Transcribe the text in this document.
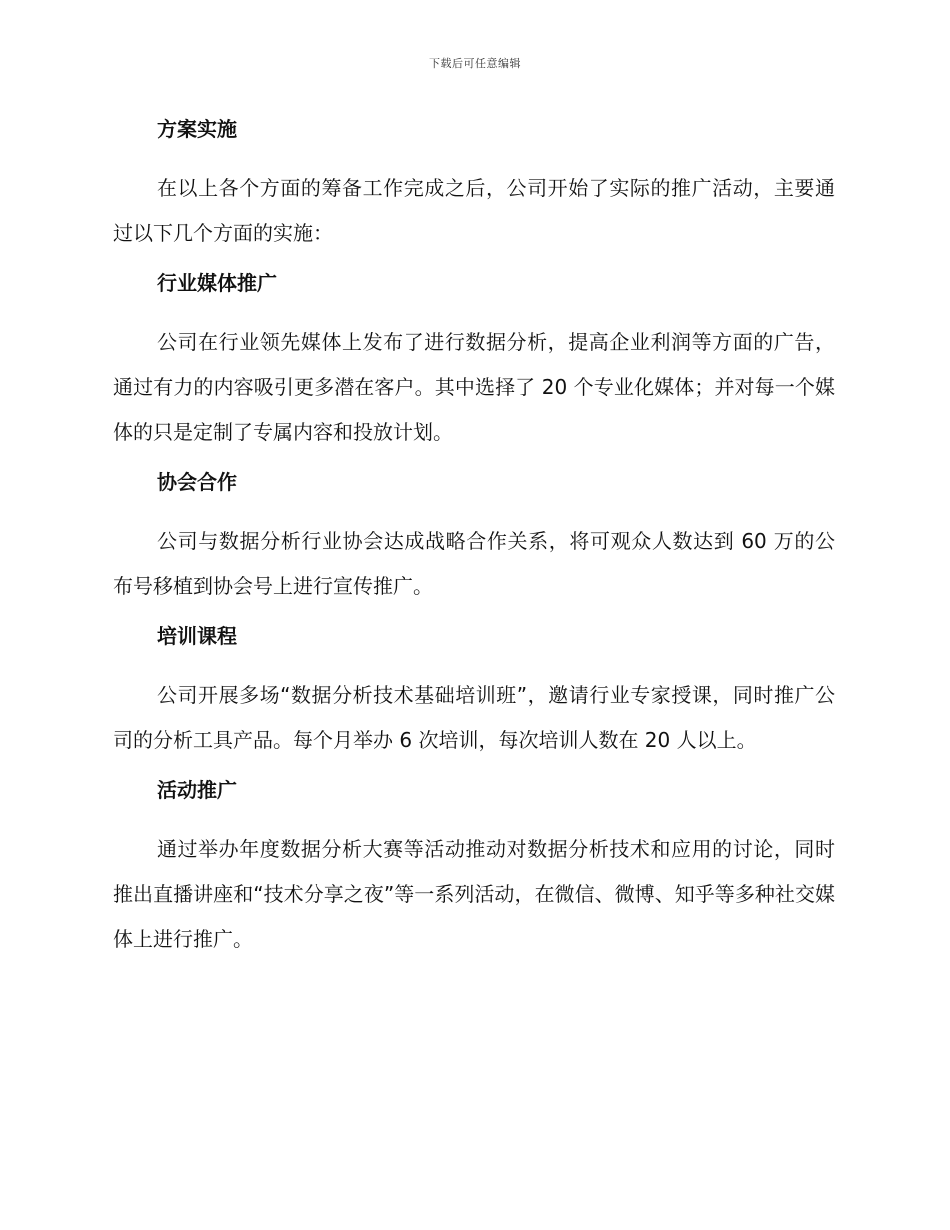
下载后可任意编辑
方案实施

在以上各个方面的筹备工作完成之后，公司开始了实际的推广活动，主要通过以下几个方面的实施：

行业媒体推广

公司在行业领先媒体上发布了进行数据分析，提高企业利润等方面的广告，通过有力的内容吸引更多潜在客户。其中选择了 20 个专业化媒体；并对每一个媒体的只是定制了专属内容和投放计划。

协会合作

公司与数据分析行业协会达成战略合作关系，将可观众人数达到 60 万的公布号移植到协会号上进行宣传推广。

培训课程

公司开展多场“数据分析技术基础培训班”，邀请行业专家授课，同时推广公司的分析工具产品。每个月举办 6 次培训，每次培训人数在 20 人以上。

活动推广

通过举办年度数据分析大赛等活动推动对数据分析技术和应用的讨论，同时推出直播讲座和“技术分享之夜”等一系列活动，在微信、微博、知乎等多种社交媒体上进行推广。
